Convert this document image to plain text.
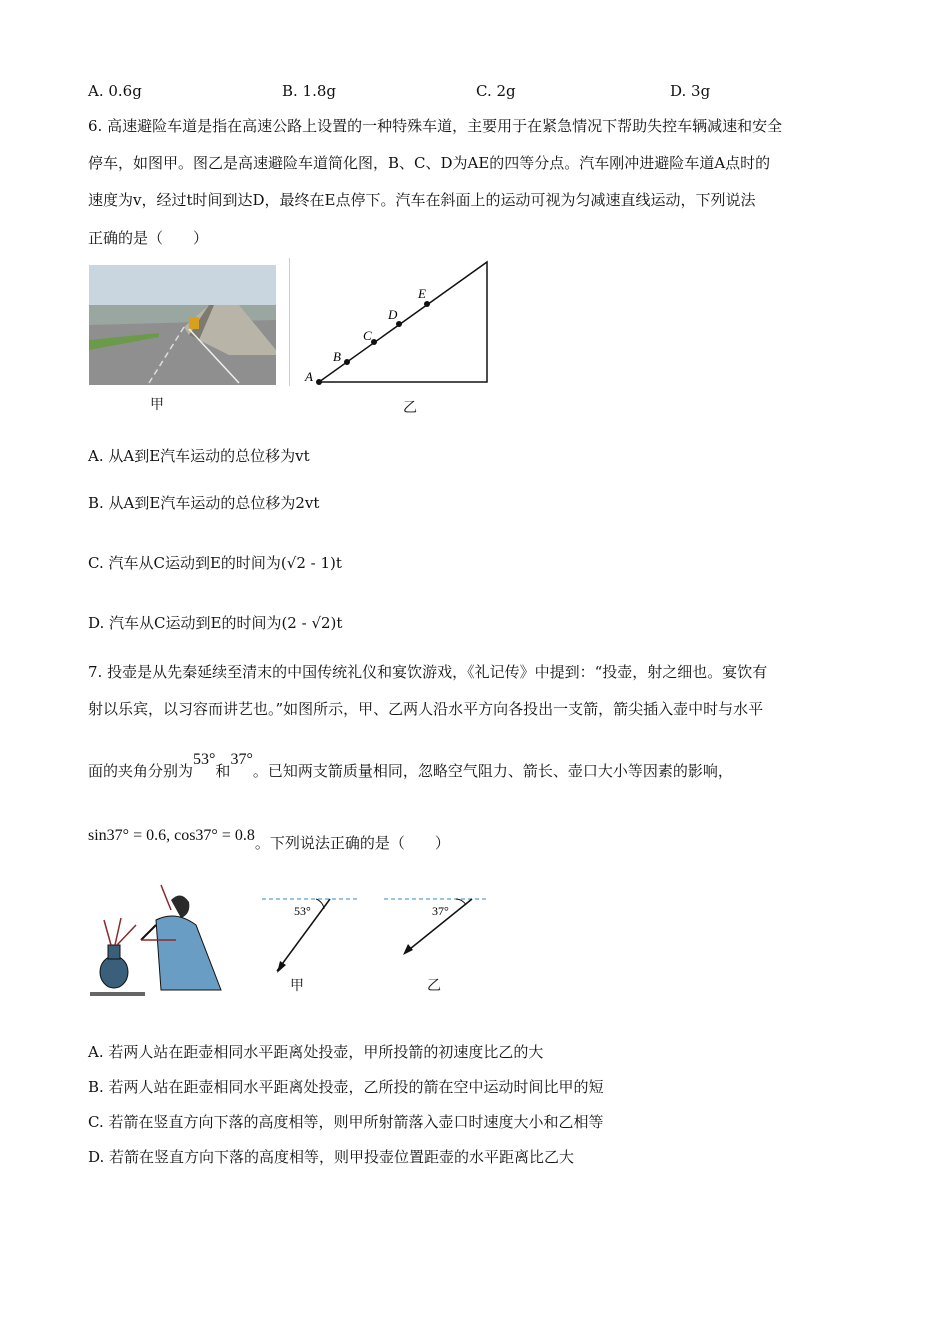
A. 0.6g	B. 1.8g	C. 2g	D. 3g
6. 高速避险车道是指在高速公路上设置的一种特殊车道，主要用于在紧急情况下帮助失控车辆减速和安全
停车，如图甲。图乙是高速避险车道简化图，B、C、D为AE的四等分点。汽车刚冲进避险车道A点时的
速度为v，经过t时间到达D，最终在E点停下。汽车在斜面上的运动可视为匀减速直线运动，下列说法
正确的是（　　）
甲
A
B
C
D
E
乙
A. 从A到E汽车运动的总位移为vt
B. 从A到E汽车运动的总位移为2vt
C. 汽车从C运动到E的时间为(√2 - 1)t
D. 汽车从C运动到E的时间为(2 - √2)t
7. 投壶是从先秦延续至清末的中国传统礼仪和宴饮游戏，《礼记传》中提到：“投壶，射之细也。宴饮有
射以乐宾，以习容而讲艺也。”如图所示，甲、乙两人沿水平方向各投出一支箭，箭尖插入壶中时与水平
面的夹角分别为53°和37°。已知两支箭质量相同，忽略空气阻力、箭长、壶口大小等因素的影响，
sin37° = 0.6, cos37° = 0.8。下列说法正确的是（　　）
53°
甲
37°
乙
A. 若两人站在距壶相同水平距离处投壶，甲所投箭的初速度比乙的大
B. 若两人站在距壶相同水平距离处投壶，乙所投的箭在空中运动时间比甲的短
C. 若箭在竖直方向下落的高度相等，则甲所射箭落入壶口时速度大小和乙相等
D. 若箭在竖直方向下落的高度相等，则甲投壶位置距壶的水平距离比乙大
